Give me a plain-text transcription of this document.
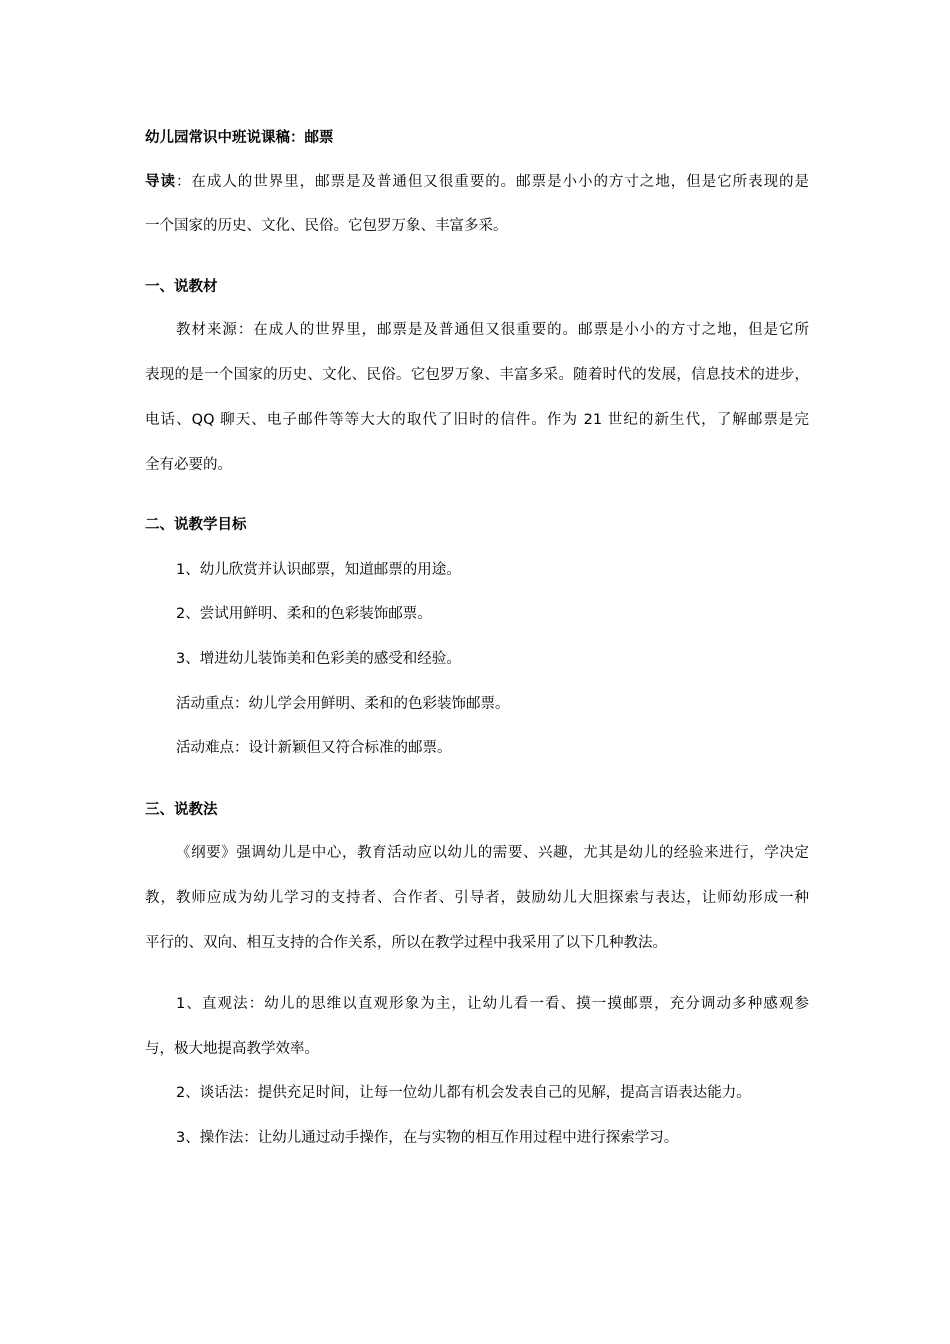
幼儿园常识中班说课稿：邮票
导读：在成人的世界里，邮票是及普通但又很重要的。邮票是小小的方寸之地，但是它所表现的是
一个国家的历史、文化、民俗。它包罗万象、丰富多采。
一、说教材
教材来源：在成人的世界里，邮票是及普通但又很重要的。邮票是小小的方寸之地，但是它所
表现的是一个国家的历史、文化、民俗。它包罗万象、丰富多采。随着时代的发展，信息技术的进步，
电话、QQ 聊天、电子邮件等等大大的取代了旧时的信件。作为 21 世纪的新生代，了解邮票是完
全有必要的。
二、说教学目标
1、幼儿欣赏并认识邮票，知道邮票的用途。
2、尝试用鲜明、柔和的色彩装饰邮票。
3、增进幼儿装饰美和色彩美的感受和经验。
活动重点：幼儿学会用鲜明、柔和的色彩装饰邮票。
活动难点：设计新颖但又符合标准的邮票。
三、说教法
《纲要》强调幼儿是中心，教育活动应以幼儿的需要、兴趣，尤其是幼儿的经验来进行，学决定
教，教师应成为幼儿学习的支持者、合作者、引导者，鼓励幼儿大胆探索与表达，让师幼形成一种
平行的、双向、相互支持的合作关系，所以在教学过程中我采用了以下几种教法。
1、直观法：幼儿的思维以直观形象为主，让幼儿看一看、摸一摸邮票，充分调动多种感观参
与，极大地提高教学效率。
2、谈话法：提供充足时间，让每一位幼儿都有机会发表自己的见解，提高言语表达能力。
3、操作法：让幼儿通过动手操作，在与实物的相互作用过程中进行探索学习。
